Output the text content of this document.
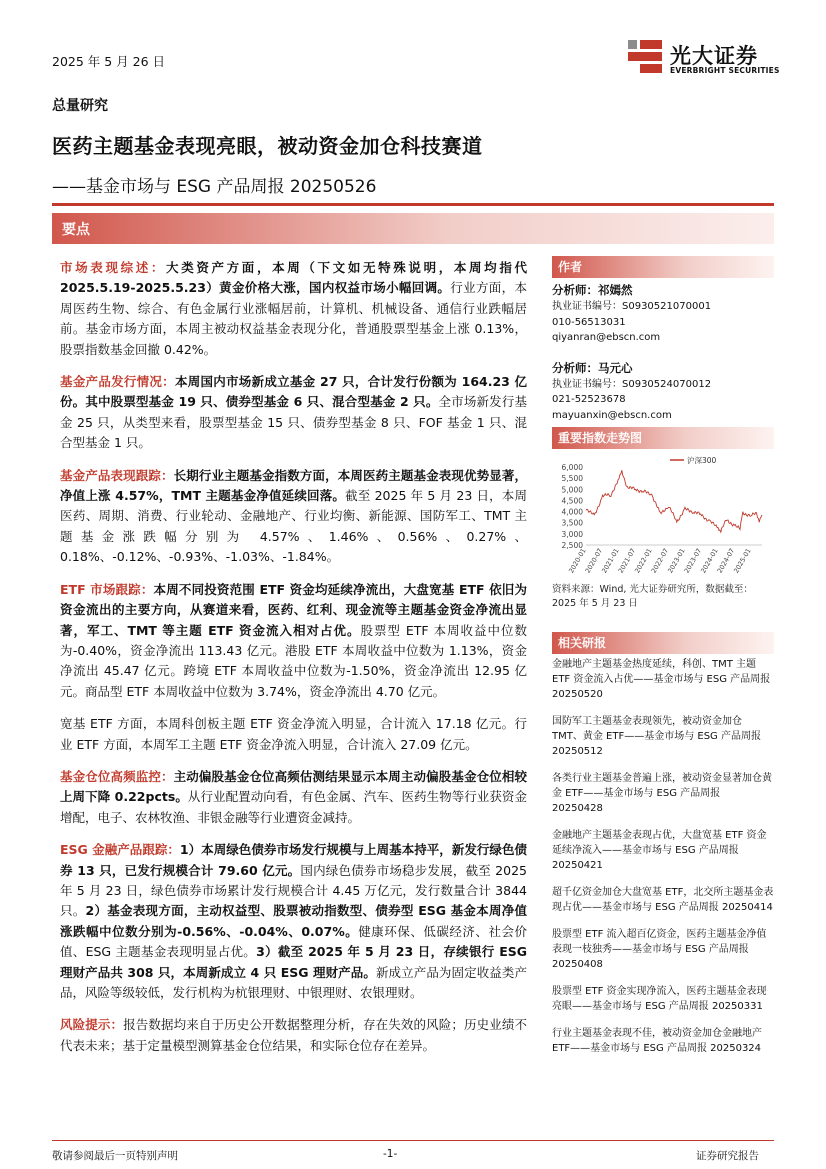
2025 年 5 月 26 日	光大证券
EVERBRIGHT SECURITIES
总量研究
医药主题基金表现亮眼，被动资金加仓科技赛道
——基金市场与 ESG 产品周报 20250526
要点

市场表现综述：大类资产方面，本周（下文如无特殊说明，本周均指代 2025.5.19-2025.5.23）黄金价格大涨，国内权益市场小幅回调。行业方面，本周医药生物、综合、有色金属行业涨幅居前，计算机、机械设备、通信行业跌幅居前。基金市场方面，本周主被动权益基金表现分化，普通股票型基金上涨 0.13%，股票指数基金回撤 0.42%。

基金产品发行情况：本周国内市场新成立基金 27 只，合计发行份额为 164.23 亿份。其中股票型基金 19 只、债券型基金 6 只、混合型基金 2 只。全市场新发行基金 25 只，从类型来看，股票型基金 15 只、债券型基金 8 只、FOF 基金 1 只、混合型基金 1 只。

基金产品表现跟踪：长期行业主题基金指数方面，本周医药主题基金表现优势显著，净值上涨 4.57%，TMT 主题基金净值延续回落。截至 2025 年 5 月 23 日，本周医药、周期、消费、行业轮动、金融地产、行业均衡、新能源、国防军工、TMT 主题基金涨跌幅分别为 4.57%、1.46%、0.56%、0.27%、0.18%、-0.12%、-0.93%、-1.03%、-1.84%。

ETF 市场跟踪：本周不同投资范围 ETF 资金均延续净流出，大盘宽基 ETF 依旧为资金流出的主要方向，从赛道来看，医药、红利、现金流等主题基金资金净流出显著，军工、TMT 等主题 ETF 资金流入相对占优。股票型 ETF 本周收益中位数为-0.40%，资金净流出 113.43 亿元。港股 ETF 本周收益中位数为 1.13%，资金净流出 45.47 亿元。跨境 ETF 本周收益中位数为-1.50%，资金净流出 12.95 亿元。商品型 ETF 本周收益中位数为 3.74%，资金净流出 4.70 亿元。

宽基 ETF 方面，本周科创板主题 ETF 资金净流入明显，合计流入 17.18 亿元。行业 ETF 方面，本周军工主题 ETF 资金净流入明显，合计流入 27.09 亿元。

基金仓位高频监控：主动偏股基金仓位高频估测结果显示本周主动偏股基金仓位相较上周下降 0.22pcts。从行业配置动向看，有色金属、汽车、医药生物等行业获资金增配，电子、农林牧渔、非银金融等行业遭资金减持。

ESG 金融产品跟踪：1）本周绿色债券市场发行规模与上周基本持平，新发行绿色债券 13 只，已发行规模合计 79.60 亿元。国内绿色债券市场稳步发展，截至 2025 年 5 月 23 日，绿色债券市场累计发行规模合计 4.45 万亿元，发行数量合计 3844 只。2）基金表现方面，主动权益型、股票被动指数型、债券型 ESG 基金本周净值涨跌幅中位数分别为-0.56%、-0.04%、0.07%。健康环保、低碳经济、社会价值、ESG 主题基金表现明显占优。3）截至 2025 年 5 月 23 日，存续银行 ESG 理财产品共 308 只，本周新成立 4 只 ESG 理财产品。新成立产品为固定收益类产品，风险等级较低，发行机构为杭银理财、中银理财、农银理财。

风险提示：报告数据均来自于历史公开数据整理分析，存在失效的风险；历史业绩不代表未来；基于定量模型测算基金仓位结果，和实际仓位存在差异。

作者
分析师：祁嫣然
执业证书编号：S0930521070001
010-56513031
qiyanran@ebscn.com
分析师：马元心
执业证书编号：S0930524070012
021-52523678
mayuanxin@ebscn.com
重要指数走势图
6,000
5,500
5,000
4,500
4,000
3,500
3,000
2,500
2020-01
2020-07
2021-01
2021-07
2022-01
2022-07
2023-01
2023-07
2024-01
2024-07
2025-01
沪深300
资料来源：Wind, 光大证券研究所，数据截至：2025 年 5 月 23 日
相关研报
金融地产主题基金热度延续，科创、TMT 主题 ETF 资金流入占优——基金市场与 ESG 产品周报 20250520
国防军工主题基金表现领先，被动资金加仓 TMT、黄金 ETF——基金市场与 ESG 产品周报 20250512
各类行业主题基金普遍上涨，被动资金显著加仓黄金 ETF——基金市场与 ESG 产品周报 20250428
金融地产主题基金表现占优，大盘宽基 ETF 资金延续净流入——基金市场与 ESG 产品周报 20250421
超千亿资金加仓大盘宽基 ETF，北交所主题基金表现占优——基金市场与 ESG 产品周报 20250414
股票型 ETF 流入超百亿资金，医药主题基金净值表现一枝独秀——基金市场与 ESG 产品周报 20250408
股票型 ETF 资金实现净流入，医药主题基金表现亮眼——基金市场与 ESG 产品周报 20250331
行业主题基金表现不佳，被动资金加仓金融地产 ETF——基金市场与 ESG 产品周报 20250324
敬请参阅最后一页特别声明	-1-	证券研究报告
